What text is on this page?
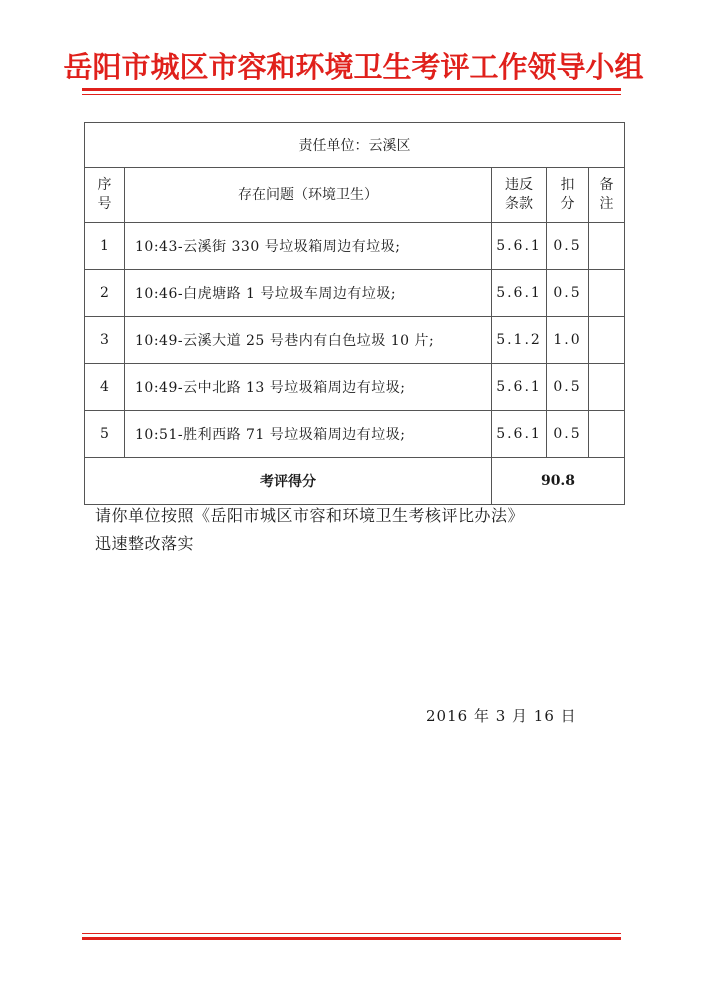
岳阳市城区市容和环境卫生考评工作领导小组
责任单位：云溪区				
序号	存在问题（环境卫生）	违反条款	扣分	备注
1	10:43-云溪街 330 号垃圾箱周边有垃圾;	5.6.1	0.5	
2	10:46-白虎塘路 1 号垃圾车周边有垃圾;	5.6.1	0.5	
3	10:49-云溪大道 25 号巷内有白色垃圾 10 片;	5.1.2	1.0	
4	10:49-云中北路 13 号垃圾箱周边有垃圾;	5.6.1	0.5	
5	10:51-胜利西路 71 号垃圾箱周边有垃圾;	5.6.1	0.5	
考评得分		90.8		
请你单位按照《岳阳市城区市容和环境卫生考核评比办法》
迅速整改落实
2016 年 3 月 16 日
